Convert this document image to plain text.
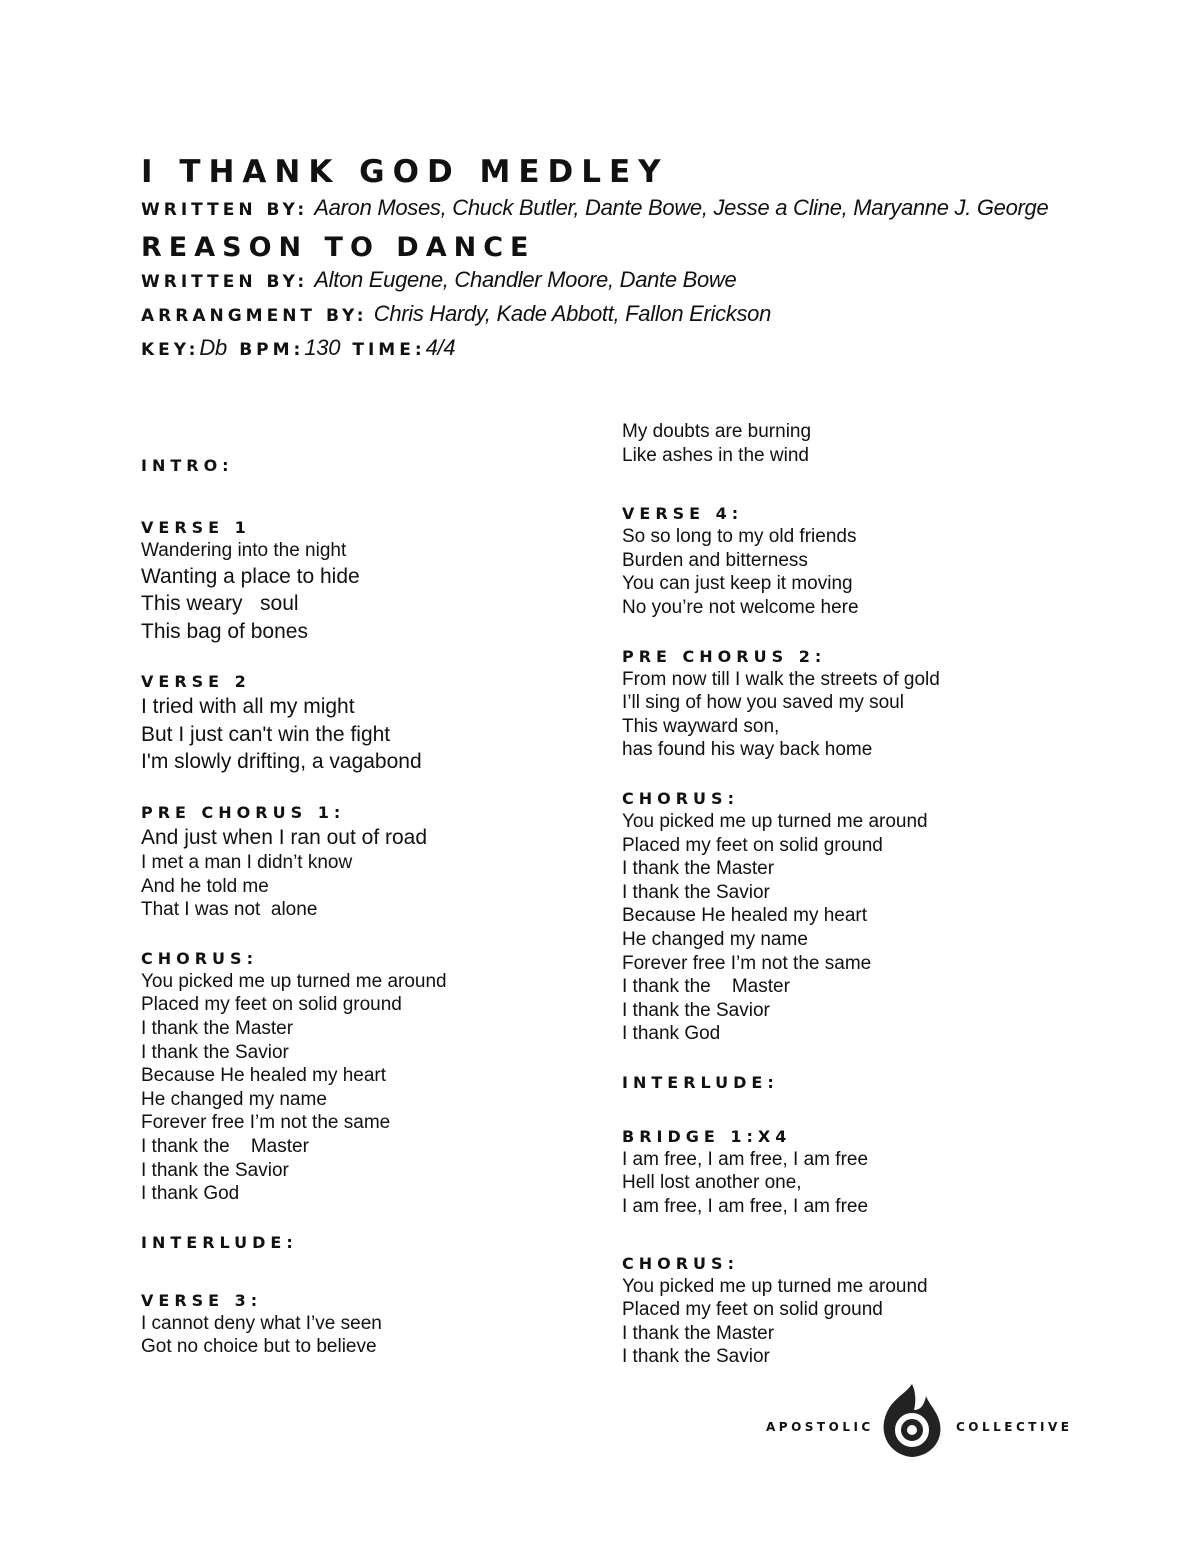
I THANK GOD MEDLEY

WRITTEN BY: Aaron Moses, Chuck Butler, Dante Bowe, Jesse a Cline, Maryanne J. George

REASON TO DANCE

WRITTEN BY: Alton Eugene, Chandler Moore, Dante Bowe

ARRANGMENT BY: Chris Hardy, Kade Abbott, Fallon Erickson

KEY:Db BPM:130 TIME:4/4

INTRO:
VERSE 1
Wandering into the night
Wanting a place to hide
This weary   soul
This bag of bones
VERSE 2
I tried with all my might
But I just can't win the fight
I'm slowly drifting, a vagabond
PRE CHORUS 1:
And just when I ran out of road
I met a man I didn’t know
And he told me
That I was not  alone
CHORUS:
You picked me up turned me around
Placed my feet on solid ground
I thank the Master
I thank the Savior
Because He healed my heart
He changed my name
Forever free I’m not the same
I thank the    Master
I thank the Savior
I thank God
INTERLUDE:
VERSE 3:
I cannot deny what I’ve seen
Got no choice but to believe
My doubts are burning
Like ashes in the wind
VERSE 4:
So so long to my old friends
Burden and bitterness
You can just keep it moving
No you’re not welcome here
PRE CHORUS 2:
From now till I walk the streets of gold
I’ll sing of how you saved my soul
This wayward son,
has found his way back home
CHORUS:
You picked me up turned me around
Placed my feet on solid ground
I thank the Master
I thank the Savior
Because He healed my heart
He changed my name
Forever free I’m not the same
I thank the    Master
I thank the Savior
I thank God
INTERLUDE:
BRIDGE 1:X4
I am free, I am free, I am free
Hell lost another one,
I am free, I am free, I am free
CHORUS:
You picked me up turned me around
Placed my feet on solid ground
I thank the Master
I thank the Savior
APOSTOLIC	COLLECTIVE
